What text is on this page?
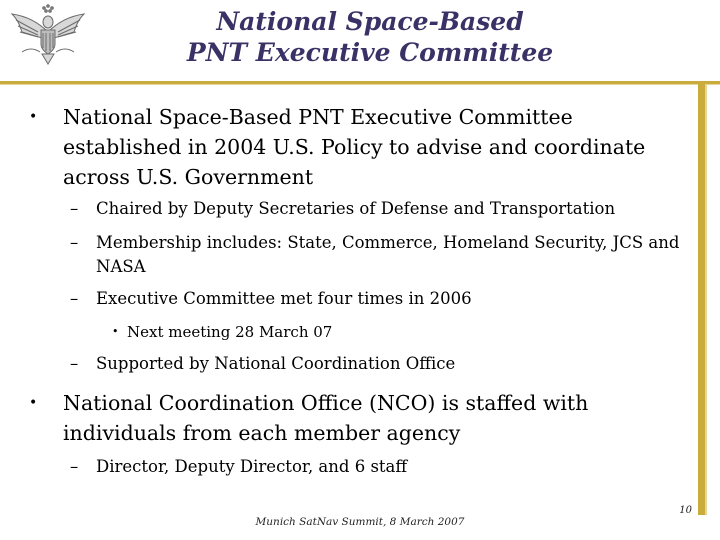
National Space-Based
PNT Executive Committee
• National Space-Based PNT Executive Committee established in 2004 U.S. Policy to advise and coordinate across U.S. Government
– Chaired by Deputy Secretaries of Defense and Transportation
– Membership includes: State, Commerce, Homeland Security, JCS and NASA
– Executive Committee met four times in 2006
• Next meeting 28 March 07
– Supported by National Coordination Office
• National Coordination Office (NCO) is staffed with individuals from each member agency
– Director, Deputy Director, and 6 staff
10
Munich SatNav Summit, 8 March 2007
